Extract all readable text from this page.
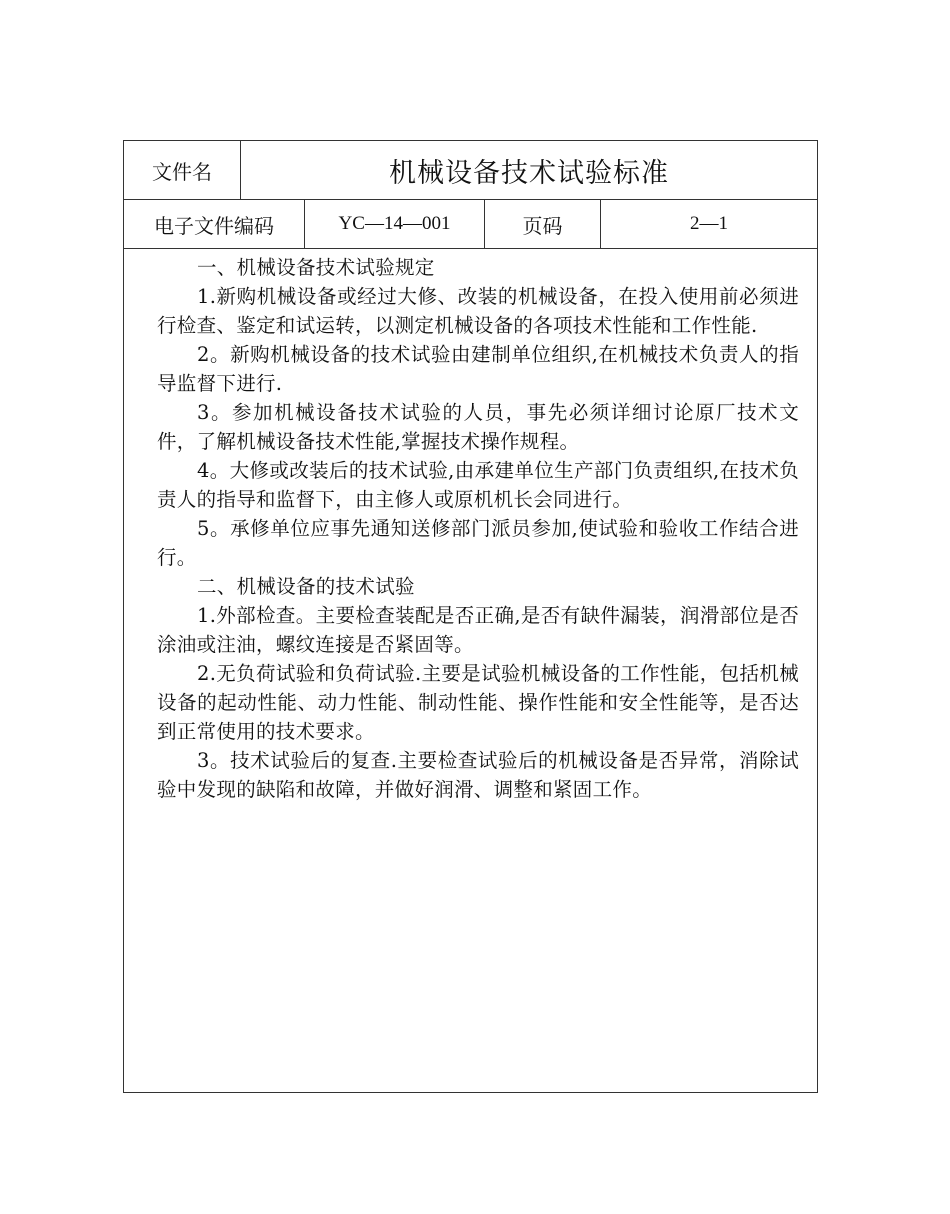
文件名	机械设备技术试验标准
电子文件编码	YC—14—001	页码	2—1

一、机械设备技术试验规定

1.新购机械设备或经过大修、改装的机械设备，在投入使用前必须进行检查、鉴定和试运转，以测定机械设备的各项技术性能和工作性能.

2。新购机械设备的技术试验由建制单位组织,在机械技术负责人的指导监督下进行.

3。参加机械设备技术试验的人员，事先必须详细讨论原厂技术文件，了解机械设备技术性能,掌握技术操作规程。

4。大修或改装后的技术试验,由承建单位生产部门负责组织,在技术负责人的指导和监督下，由主修人或原机机长会同进行。

5。承修单位应事先通知送修部门派员参加,使试验和验收工作结合进行。

二、机械设备的技术试验

1.外部检查。主要检查装配是否正确,是否有缺件漏装，润滑部位是否涂油或注油，螺纹连接是否紧固等。

2.无负荷试验和负荷试验.主要是试验机械设备的工作性能，包括机械设备的起动性能、动力性能、制动性能、操作性能和安全性能等，是否达到正常使用的技术要求。

3。技术试验后的复查.主要检查试验后的机械设备是否异常，消除试验中发现的缺陷和故障，并做好润滑、调整和紧固工作。
